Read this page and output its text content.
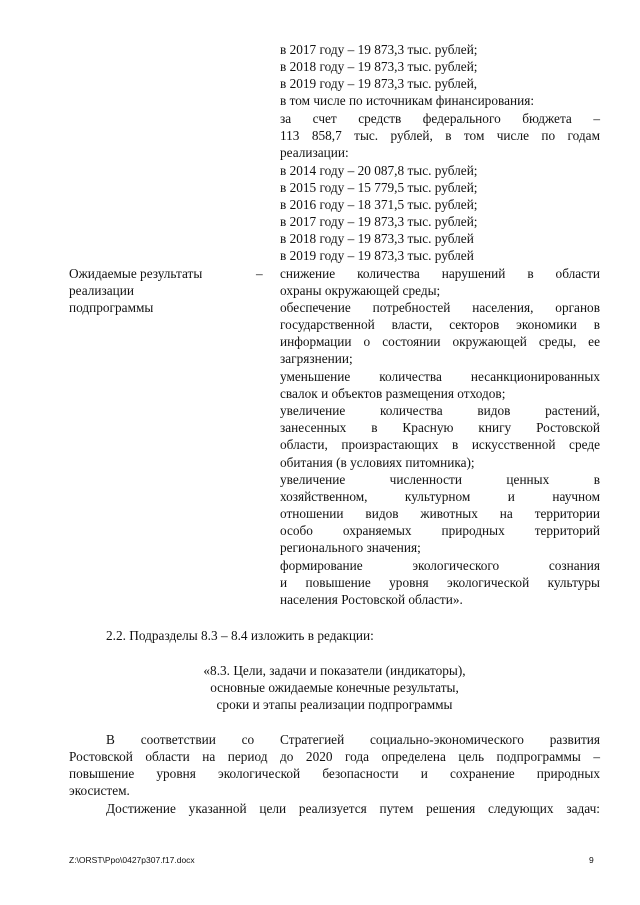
в 2017 году – 19 873,3 тыс. рублей;
в 2018 году – 19 873,3 тыс. рублей;
в 2019 году – 19 873,3 тыс. рублей,
в том числе по источникам финансирования:
за счет средств федерального бюджета –
113 858,7 тыс. рублей, в том числе по годам
реализации:
в 2014 году – 20 087,8 тыс. рублей;
в 2015 году – 15 779,5 тыс. рублей;
в 2016 году – 18 371,5 тыс. рублей;
в 2017 году – 19 873,3 тыс. рублей;
в 2018 году – 19 873,3 тыс. рублей
в 2019 году – 19 873,3 тыс. рублей
Ожидаемые результаты
реализации
подпрограммы
– снижение количества нарушений в области
охраны окружающей среды;
обеспечение потребностей населения, органов
государственной власти, секторов экономики в
информации о состоянии окружающей среды, ее
загрязнении;
уменьшение количества несанкционированных
свалок и объектов размещения отходов;
увеличение количества видов растений,
занесенных в Красную книгу Ростовской
области, произрастающих в искусственной среде
обитания (в условиях питомника);
увеличение численности ценных в
хозяйственном, культурном и научном
отношении видов животных на территории
особо охраняемых природных территорий
регионального значения;
формирование экологического сознания
и повышение уровня экологической культуры
населения Ростовской области».
2.2. Подразделы 8.3 – 8.4 изложить в редакции:
«8.3. Цели, задачи и показатели (индикаторы),
основные ожидаемые конечные результаты,
сроки и этапы реализации подпрограммы
В соответствии со Стратегией социально-экономического развития
Ростовской области на период до 2020 года определена цель подпрограммы –
повышение уровня экологической безопасности и сохранение природных
экосистем.
Достижение указанной цели реализуется путем решения следующих задач:
Z:\ORST\Ppo\0427p307.f17.docx	9
